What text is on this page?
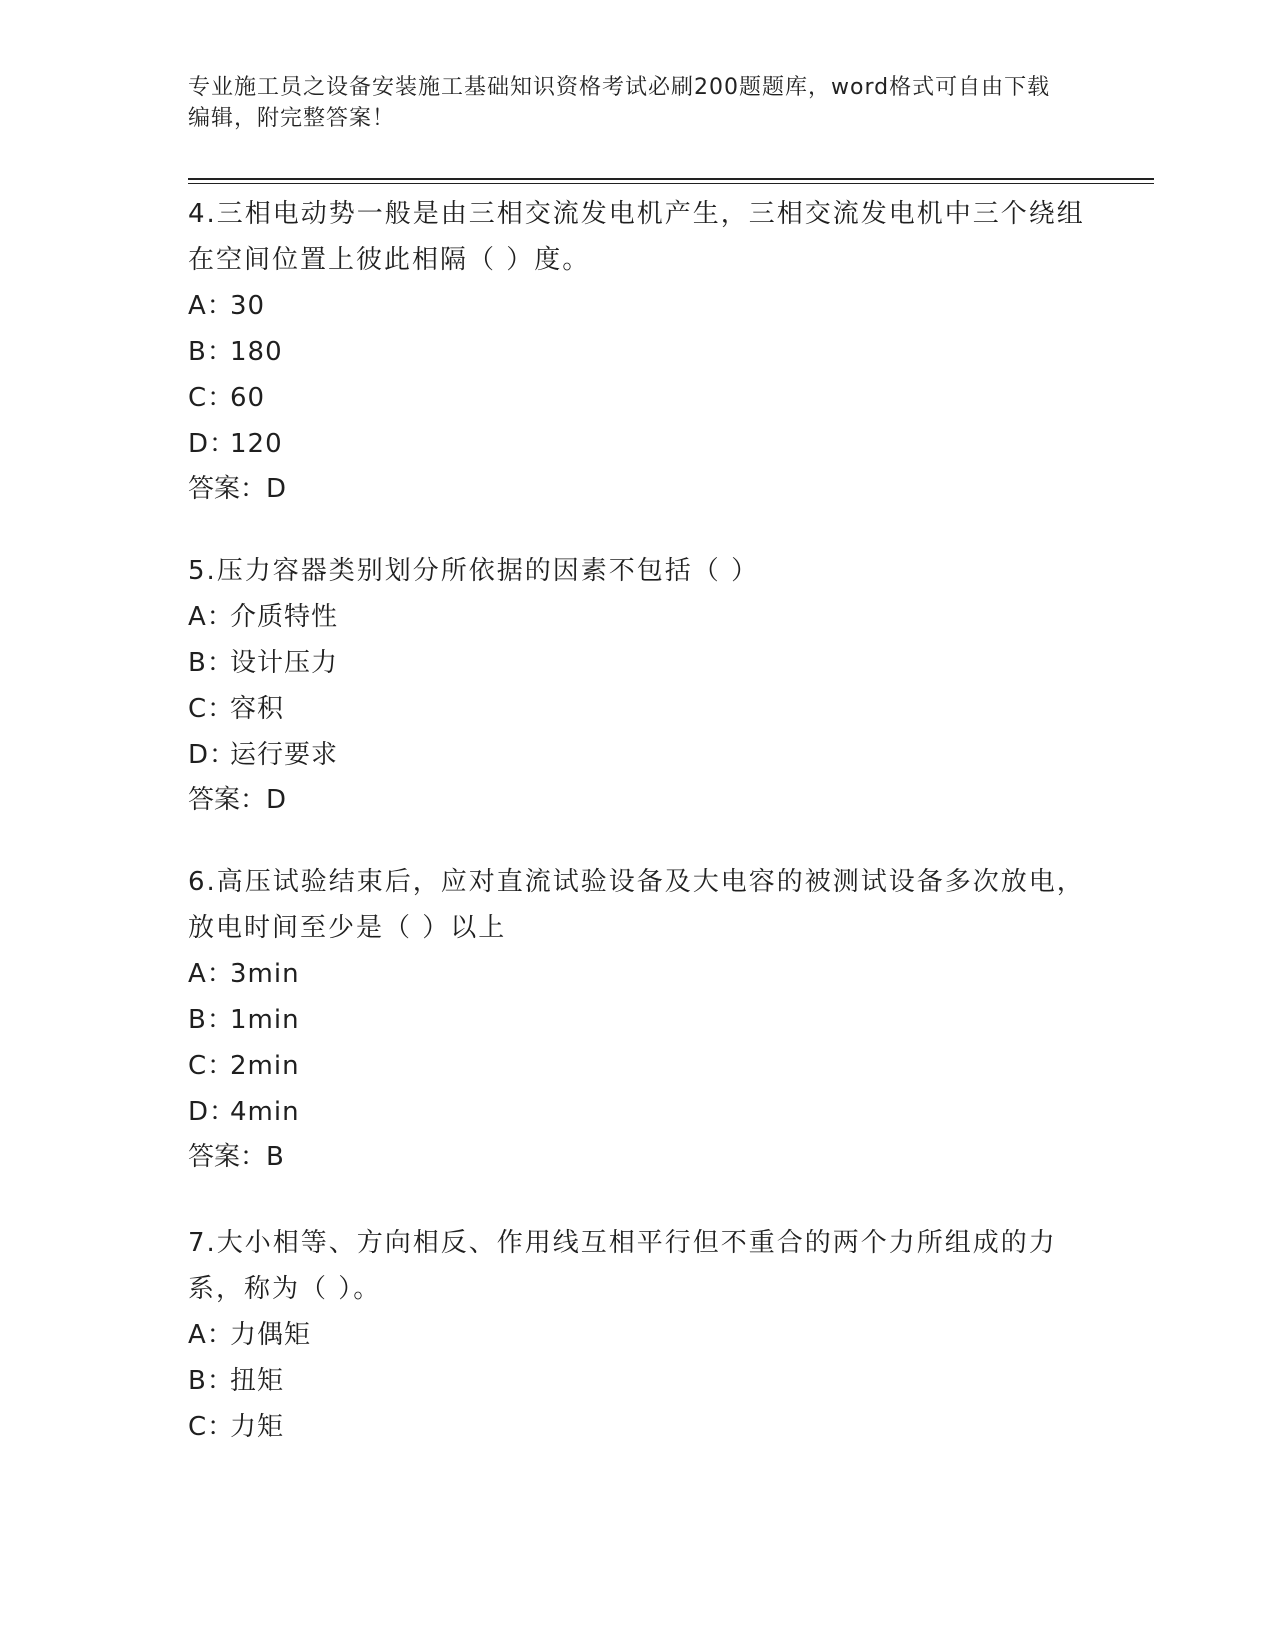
专业施工员之设备安装施工基础知识资格考试必刷200题题库，word格式可自由下载编辑，附完整答案！

4.三相电动势一般是由三相交流发电机产生，三相交流发电机中三个绕组在空间位置上彼此相隔（ ）度。

A：30

B：180

C：60

D：120

答案：D

5.压力容器类别划分所依据的因素不包括（ ）

A：介质特性

B：设计压力

C：容积

D：运行要求

答案：D

6.高压试验结束后，应对直流试验设备及大电容的被测试设备多次放电，放电时间至少是（ ）以上

A：3min

B：1min

C：2min

D：4min

答案：B

7.大小相等、方向相反、作用线互相平行但不重合的两个力所组成的力系，称为（ ）。

A：力偶矩

B：扭矩

C：力矩
